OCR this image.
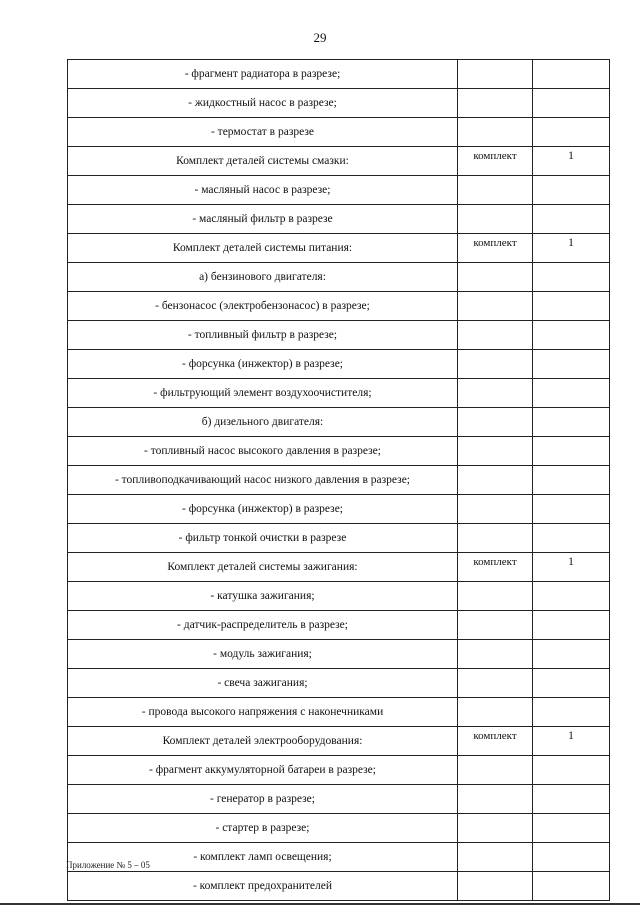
29
- фрагмент радиатора в разрезе;		
- жидкостный насос в разрезе;		
- термостат в разрезе		
Комплект деталей системы смазки:	комплект	1
- масляный насос в разрезе;		
- масляный фильтр в разрезе		
Комплект деталей системы питания:	комплект	1
а) бензинового двигателя:		
- бензонасос (электробензонасос) в разрезе;		
- топливный фильтр в разрезе;		
- форсунка (инжектор) в разрезе;		
- фильтрующий элемент воздухоочистителя;		
б) дизельного двигателя:		
- топливный насос высокого давления в разрезе;		
- топливоподкачивающий насос низкого давления в разрезе;		
- форсунка (инжектор) в разрезе;		
- фильтр тонкой очистки в разрезе		
Комплект деталей системы зажигания:	комплект	1
- катушка зажигания;		
- датчик-распределитель в разрезе;		
- модуль зажигания;		
- свеча зажигания;		
- провода высокого напряжения с наконечниками		
Комплект деталей электрооборудования:	комплект	1
- фрагмент аккумуляторной батареи в разрезе;		
- генератор в разрезе;		
- стартер в разрезе;		
- комплект ламп освещения;		
- комплект предохранителей		
Приложение № 5 – 05
